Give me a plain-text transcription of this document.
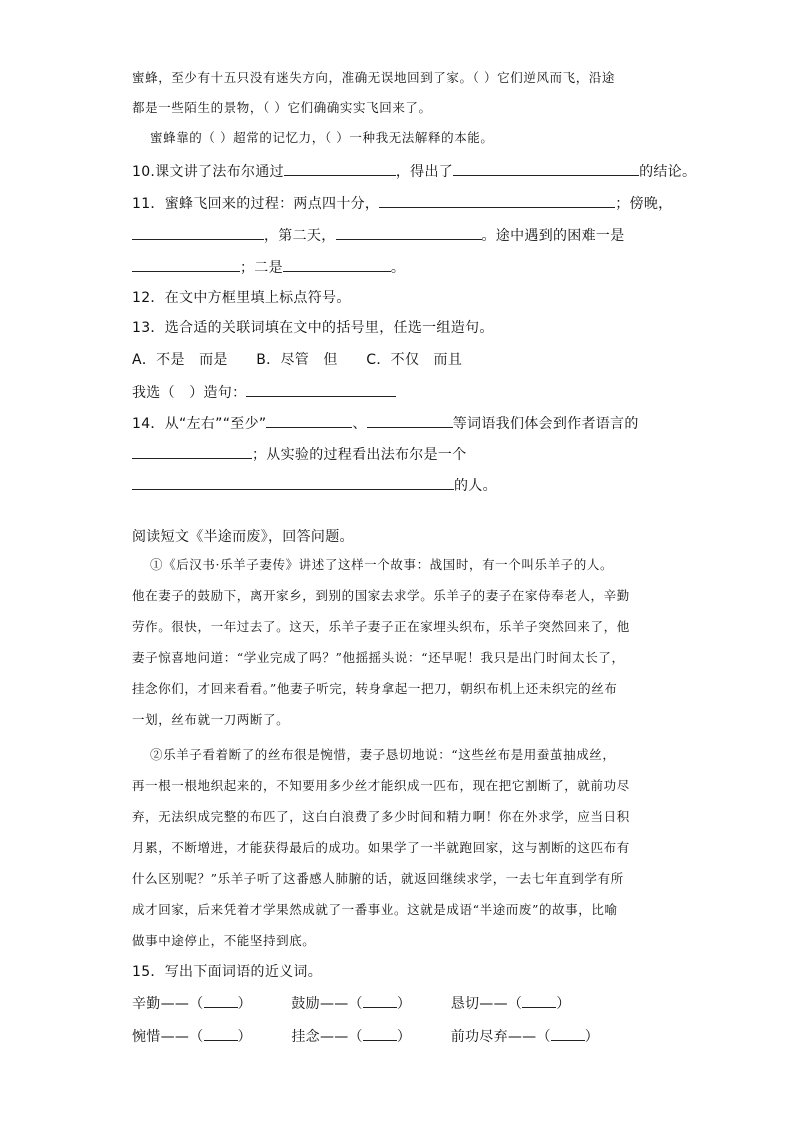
蜜蜂，至少有十五只没有迷失方向，准确无误地回到了家。（ ）它们逆风而飞，沿途
都是一些陌生的景物，（ ）它们确确实实飞回来了。
蜜蜂靠的（ ）超常的记忆力，（ ）一种我无法解释的本能。
10.课文讲了法布尔通过	，得出了	的结论。
11．蜜蜂飞回来的过程：两点四十分，	；傍晚，
，第二天，	。途中遇到的困难一是
；二是	。
12．在文中方框里填上标点符号。
13．选合适的关联词填在文中的括号里，任选一组造句。
A．不是　而是　　B．尽管　但　　C．不仅　而且
我选（　）造句：
14．从“左右”“至少”	、	等词语我们体会到作者语言的
；从实验的过程看出法布尔是一个
的人。
阅读短文《半途而废》，回答问题。
①《后汉书·乐羊子妻传》讲述了这样一个故事：战国时，有一个叫乐羊子的人。
他在妻子的鼓励下，离开家乡，到别的国家去求学。乐羊子的妻子在家侍奉老人，辛勤
劳作。很快，一年过去了。这天，乐羊子妻子正在家埋头织布，乐羊子突然回来了，他
妻子惊喜地问道：“学业完成了吗？”他摇摇头说：“还早呢！我只是出门时间太长了，
挂念你们，才回来看看。”他妻子听完，转身拿起一把刀，朝织布机上还未织完的丝布
一划，丝布就一刀两断了。
②乐羊子看着断了的丝布很是惋惜，妻子恳切地说：“这些丝布是用蚕茧抽成丝，
再一根一根地织起来的，不知要用多少丝才能织成一匹布，现在把它割断了，就前功尽
弃，无法织成完整的布匹了，这白白浪费了多少时间和精力啊！你在外求学，应当日积
月累，不断增进，才能获得最后的成功。如果学了一半就跑回家，这与割断的这匹布有
什么区别呢？”乐羊子听了这番感人肺腑的话，就返回继续求学，一去七年直到学有所
成才回家，后来凭着才学果然成就了一番事业。这就是成语“半途而废”的故事，比喻
做事中途停止，不能坚持到底。
15．写出下面词语的近义词。
辛勤——（ ）	鼓励——（ ）	恳切——（ ）
惋惜——（ ）	挂念——（ ）	前功尽弃——（ ）
